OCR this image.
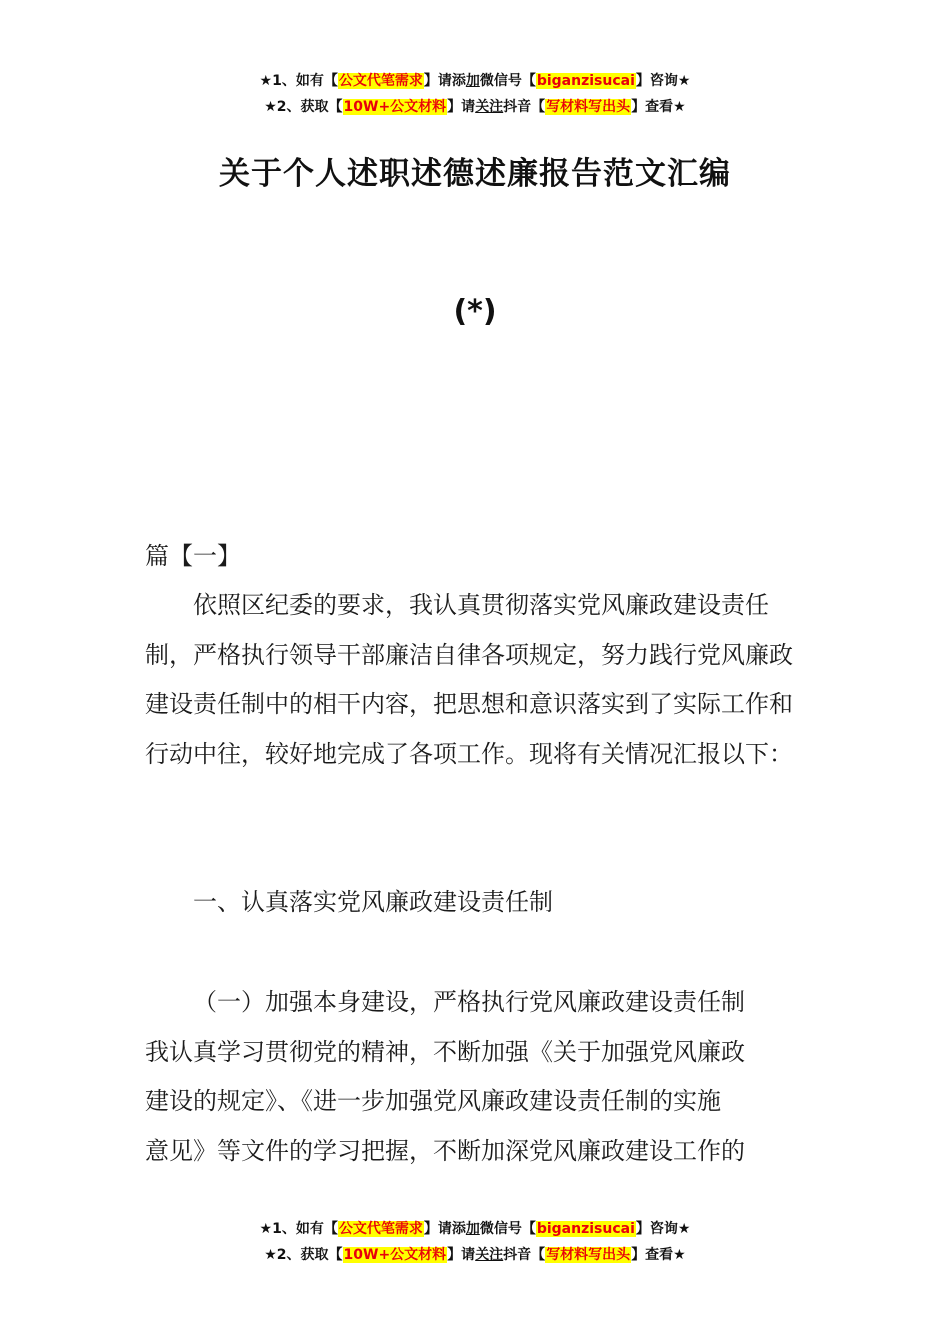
★1、如有【公文代笔需求】请添加微信号【biganzisucai】咨询★
★2、获取【10W+公文材料】请关注抖音【写材料写出头】查看★
关于个人述职述德述廉报告范文汇编
(*)
篇【一】
依照区纪委的要求，我认真贯彻落实党风廉政建设责任制，严格执行领导干部廉洁自律各项规定，努力践行党风廉政建设责任制中的相干内容，把思想和意识落实到了实际工作和行动中往，较好地完成了各项工作。现将有关情况汇报以下：
一、认真落实党风廉政建设责任制
（一）加强本身建设，严格执行党风廉政建设责任制
我认真学习贯彻党的精神，不断加强《关于加强党风廉政
建设的规定》、《进一步加强党风廉政建设责任制的实施
意见》等文件的学习把握，不断加深党风廉政建设工作的
★1、如有【公文代笔需求】请添加微信号【biganzisucai】咨询★
★2、获取【10W+公文材料】请关注抖音【写材料写出头】查看★
